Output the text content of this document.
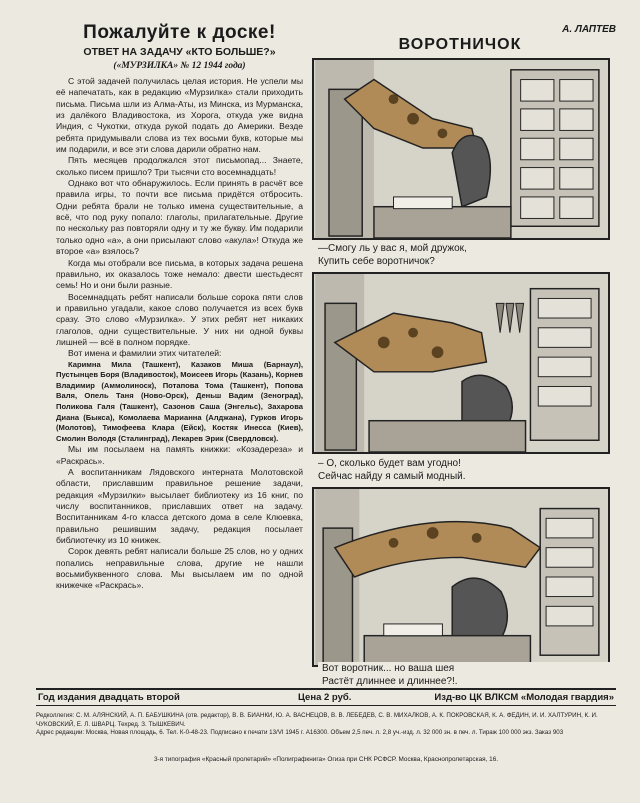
Пожалуйте к доске!
ОТВЕТ НА ЗАДАЧУ «КТО БОЛЬШЕ?»
(«МУРЗИЛКА» № 12 1944 года)

С этой задачей получилась целая история. Не успели мы её напечатать, как в редакцию «Мурзилка» стали приходить письма. Письма шли из Алма-Аты, из Минска, из Мурманска, из далёкого Владивостока, из Хорога, откуда уже видна Индия, с Чукотки, откуда рукой подать до Америки. Везде ребята придумывали слова из тех восьми букв, которые мы им подарили, и все эти слова дарили обратно нам.

Пять месяцев продолжался этот письмопад... Знаете, сколько писем пришло? Три тысячи сто восемнадцать!

Однако вот что обнаружилось. Если принять в расчёт все правила игры, то почти все письма придётся отбросить. Одни ребята брали не только имена существительные, а всё, что под руку попало: глаголы, прилагательные. Другие по нескольку раз повторяли одну и ту же букву. Им подарили только одно «а», а они присылают слово «акула»! Откуда же второе «а» взялось?

Когда мы отобрали все письма, в которых задача решена правильно, их оказалось тоже немало: двести шестьдесят семь! Но и они были разные.

Восемнадцать ребят написали больше сорока пяти слов и правильно угадали, какое слово получается из всех букв сразу. Это слово «Мурзилка». У этих ребят нет никаких глаголов, одни существительные. У них ни одной буквы лишней — всё в полном порядке.

Вот имена и фамилии этих читателей:

Каримна Мила (Ташкент), Казаков Миша (Барнаул), Пустынцев Боря (Владивосток), Моисеев Игорь (Казань), Корнев Владимир (Аммолиноск), Потапова Тома (Ташкент), Попова Валя, Опель Таня (Ново-Орск), Деньш Вадим (Зеноград), Поликова Галя (Ташкент), Сазонов Саша (Энгельс), Захарова Диана (Быкса), Комолаева Марианна (Алджана), Гурков Игорь (Молотов), Тимофеева Клара (Ейск), Костяк Инесса (Киев), Смолин Володя (Сталинград), Лекарев Эрик (Свердловск).

Мы им посылаем на память книжки: «Козадереза» и «Раскрась».

А воспитанникам Лядовского интерната Молотовской области, приславшим правильное решение задачи, редакция «Мурзилки» высылает библиотеку из 16 книг, по числу воспитанников, приславших ответ на задачу. Воспитанникам 4-го класса детского дома в селе Клюевка, правильно решившим задачу, редакция посылает библиотечку из 10 книжек.

Сорок девять ребят написали больше 25 слов, но у одних попались неправильные слова, другие не нашли восьмибуквенного слова. Мы высылаем им по одной книжечке «Раскрась».

А. ЛАПТЕВ
ВОРОТНИЧОК
—Смогу ль у вас я, мой дружок,
Купить себе воротничок?
– О, сколько будет вам угодно!
Сейчас найду я самый модный.
Вот воротник... но ваша шея
Растёт длиннее и длиннее?!.
Год издания двадцать второй	Цена 2 руб.	Изд-во ЦК ВЛКСМ «Молодая гвардия»
Редколлегия: С. М. АЛЯНСКИЙ, А. П. БАБУШКИНА (отв. редактор), В. В. БИАНКИ, Ю. А. ВАСНЕЦОВ, В. В. ЛЕБЕДЕВ, С. В. МИХАЛКОВ, А. К. ПОКРОВСКАЯ, К. А. ФЕДИН, И. И. ХАЛТУРИН, К. И. ЧУКОВСКИЙ, Е. Л. ШВАРЦ. Техред. З. ТЫШКЕВИЧ.
Адрес редакции: Москва, Новая площадь, 6. Тел. К-0-48-23. Подписано к печати 13/VI 1945 г. А16300. Объем 2,5 печ. л. 2,8 уч.-изд. л. 32 000 зн. в печ. л. Тираж 100 000 экз. Заказ 903
3-я типография «Красный пролетарий» «Полиграфкнига» Огиза при СНК РСФСР. Москва, Краснопролетарская, 16.
